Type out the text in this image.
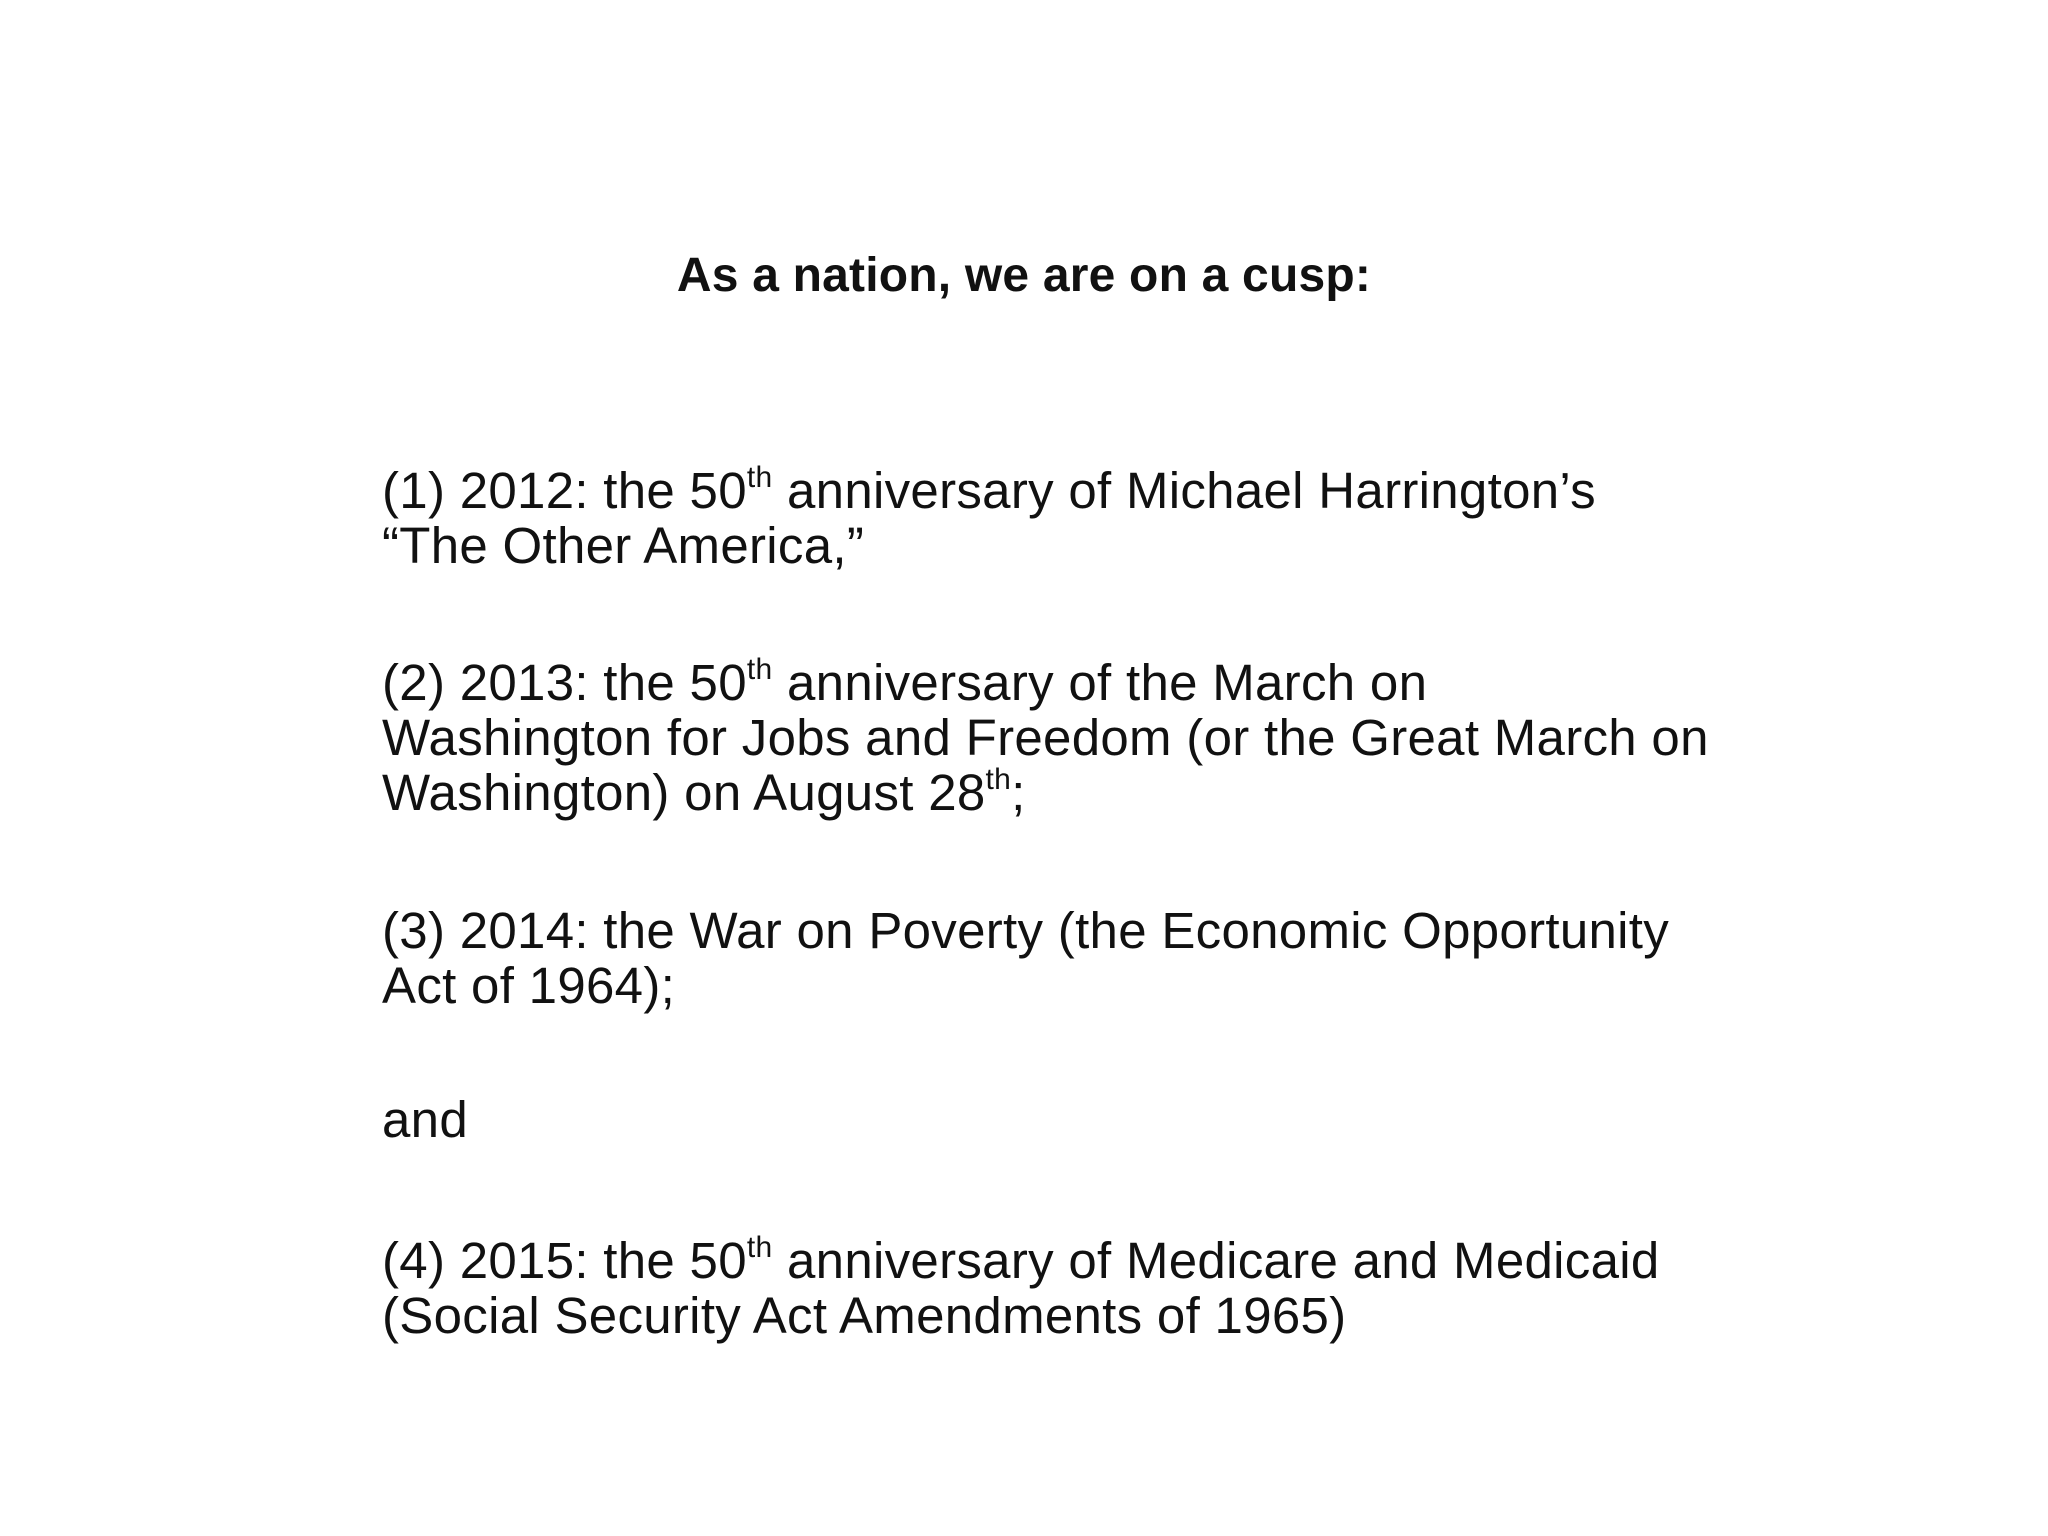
As a nation, we are on a cusp:

(1) 2012: the 50th anniversary of Michael Harrington’s
“The Other America,”

(2) 2013: the 50th anniversary of the March on
Washington for Jobs and Freedom (or the Great March on
Washington) on August 28th;

(3) 2014: the War on Poverty (the Economic Opportunity
Act of 1964);

and

(4) 2015: the 50th anniversary of Medicare and Medicaid
(Social Security Act Amendments of 1965)
